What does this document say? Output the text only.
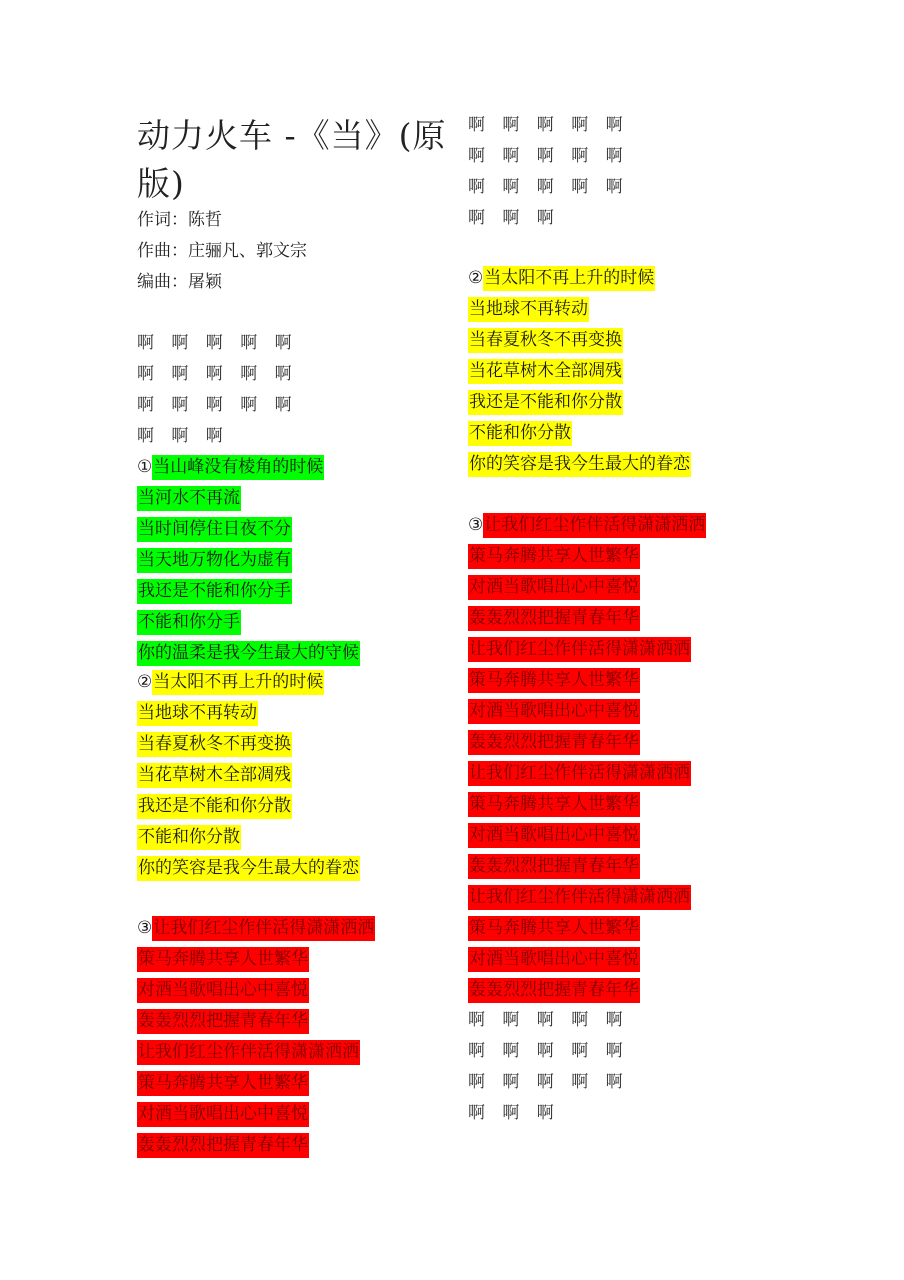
动力火车 -《当》(原版)
作词：陈哲
作曲：庄骊凡、郭文宗
编曲：屠颖
啊 啊 啊 啊 啊
啊 啊 啊 啊 啊
啊 啊 啊 啊 啊
啊 啊 啊
①当山峰没有棱角的时候
当河水不再流
当时间停住日夜不分
当天地万物化为虚有
我还是不能和你分手
不能和你分手
你的温柔是我今生最大的守候
②当太阳不再上升的时候
当地球不再转动
当春夏秋冬不再变换
当花草树木全部凋残
我还是不能和你分散
不能和你分散
你的笑容是我今生最大的眷恋
③让我们红尘作伴活得潇潇洒洒
策马奔腾共享人世繁华
对酒当歌唱出心中喜悦
轰轰烈烈把握青春年华
让我们红尘作伴活得潇潇洒洒
策马奔腾共享人世繁华
对酒当歌唱出心中喜悦
轰轰烈烈把握青春年华
啊 啊 啊 啊 啊
啊 啊 啊 啊 啊
啊 啊 啊 啊 啊
啊 啊 啊
②当太阳不再上升的时候
当地球不再转动
当春夏秋冬不再变换
当花草树木全部凋残
我还是不能和你分散
不能和你分散
你的笑容是我今生最大的眷恋
③让我们红尘作伴活得潇潇洒洒
策马奔腾共享人世繁华
对酒当歌唱出心中喜悦
轰轰烈烈把握青春年华
让我们红尘作伴活得潇潇洒洒
策马奔腾共享人世繁华
对酒当歌唱出心中喜悦
轰轰烈烈把握青春年华
让我们红尘作伴活得潇潇洒洒
策马奔腾共享人世繁华
对酒当歌唱出心中喜悦
轰轰烈烈把握青春年华
让我们红尘作伴活得潇潇洒洒
策马奔腾共享人世繁华
对酒当歌唱出心中喜悦
轰轰烈烈把握青春年华
啊 啊 啊 啊 啊
啊 啊 啊 啊 啊
啊 啊 啊 啊 啊
啊 啊 啊
